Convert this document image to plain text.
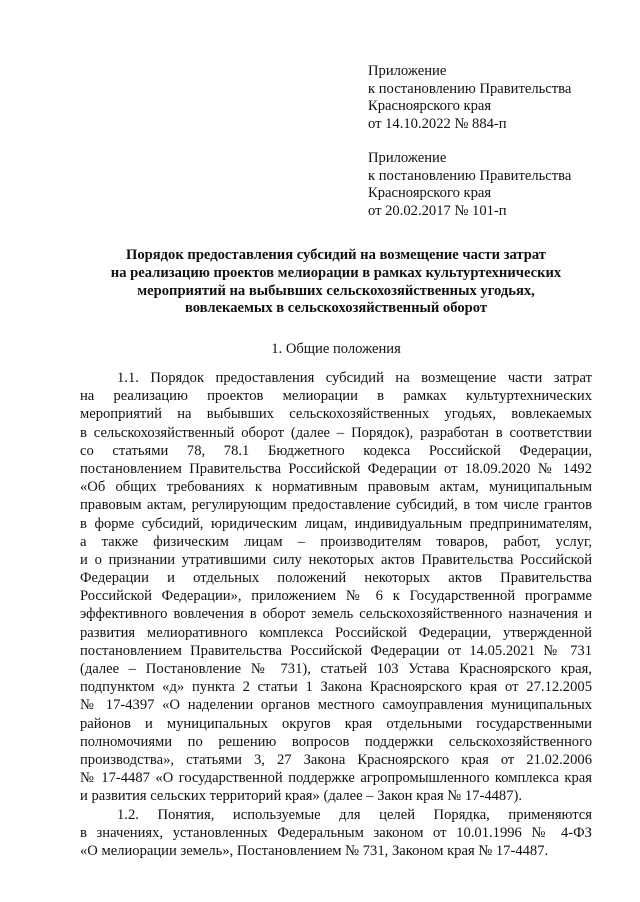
Приложение
к постановлению Правительства
Красноярского края
от 14.10.2022 № 884-п
Приложение
к постановлению Правительства
Красноярского края
от 20.02.2017 № 101-п
Порядок предоставления субсидий на возмещение части затрат
на реализацию проектов мелиорации в рамках культуртехнических
мероприятий на выбывших сельскохозяйственных угодьях,
вовлекаемых в сельскохозяйственный оборот
1. Общие положения
1.1. Порядок предоставления субсидий на возмещение части затрат
на реализацию проектов мелиорации в рамках культуртехнических
мероприятий на выбывших сельскохозяйственных угодьях, вовлекаемых
в сельскохозяйственный оборот (далее – Порядок), разработан в соответствии
со статьями 78, 78.1 Бюджетного кодекса Российской Федерации,
постановлением Правительства Российской Федерации от 18.09.2020 № 1492
«Об общих требованиях к нормативным правовым актам, муниципальным
правовым актам, регулирующим предоставление субсидий, в том числе грантов
в форме субсидий, юридическим лицам, индивидуальным предпринимателям,
а также физическим лицам – производителям товаров, работ, услуг,
и о признании утратившими силу некоторых актов Правительства Российской
Федерации и отдельных положений некоторых актов Правительства
Российской Федерации», приложением № 6 к Государственной программе
эффективного вовлечения в оборот земель сельскохозяйственного назначения и
развития мелиоративного комплекса Российской Федерации, утвержденной
постановлением Правительства Российской Федерации от 14.05.2021 № 731
(далее – Постановление № 731), статьей 103 Устава Красноярского края,
подпунктом «д» пункта 2 статьи 1 Закона Красноярского края от 27.12.2005
№ 17-4397 «О наделении органов местного самоуправления муниципальных
районов и муниципальных округов края отдельными государственными
полномочиями по решению вопросов поддержки сельскохозяйственного
производства», статьями 3, 27 Закона Красноярского края от 21.02.2006
№ 17-4487 «О государственной поддержке агропромышленного комплекса края
и развития сельских территорий края» (далее – Закон края № 17-4487).
1.2. Понятия, используемые для целей Порядка, применяются
в значениях, установленных Федеральным законом от 10.01.1996 № 4-ФЗ
«О мелиорации земель», Постановлением № 731, Законом края № 17-4487.
